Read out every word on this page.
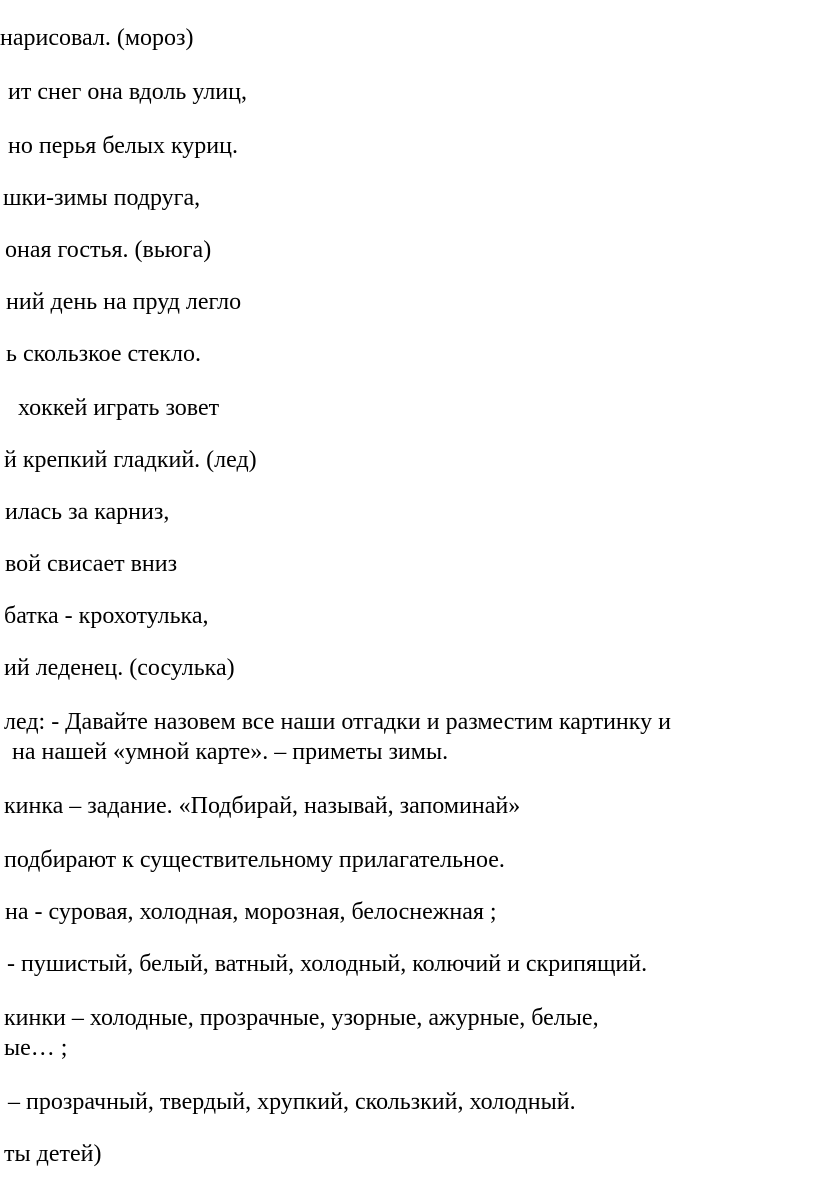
нарисовал. (мороз)
ит снег она вдоль улиц,
но перья белых куриц.
шки-зимы подруга,
оная гостья. (вьюга)
ний день на пруд легло
ь скользкое стекло.
хоккей играть зовет
й крепкий гладкий. (лед)
илась за карниз,
вой свисает вниз
батка - крохотулька,
ий леденец. (сосулька)
лед: - Давайте назовем все наши отгадки и разместим картинку и
на нашей «умной карте». – приметы зимы.
кинка – задание. «Подбирай, называй, запоминай»
подбирают к существительному прилагательное.
на - суровая, холодная, морозная, белоснежная ;
- пушистый, белый, ватный, холодный, колючий и скрипящий.
кинки – холодные, прозрачные, узорные, ажурные, белые,
ые… ;
– прозрачный, твердый, хрупкий, скользкий, холодный.
ты детей)
